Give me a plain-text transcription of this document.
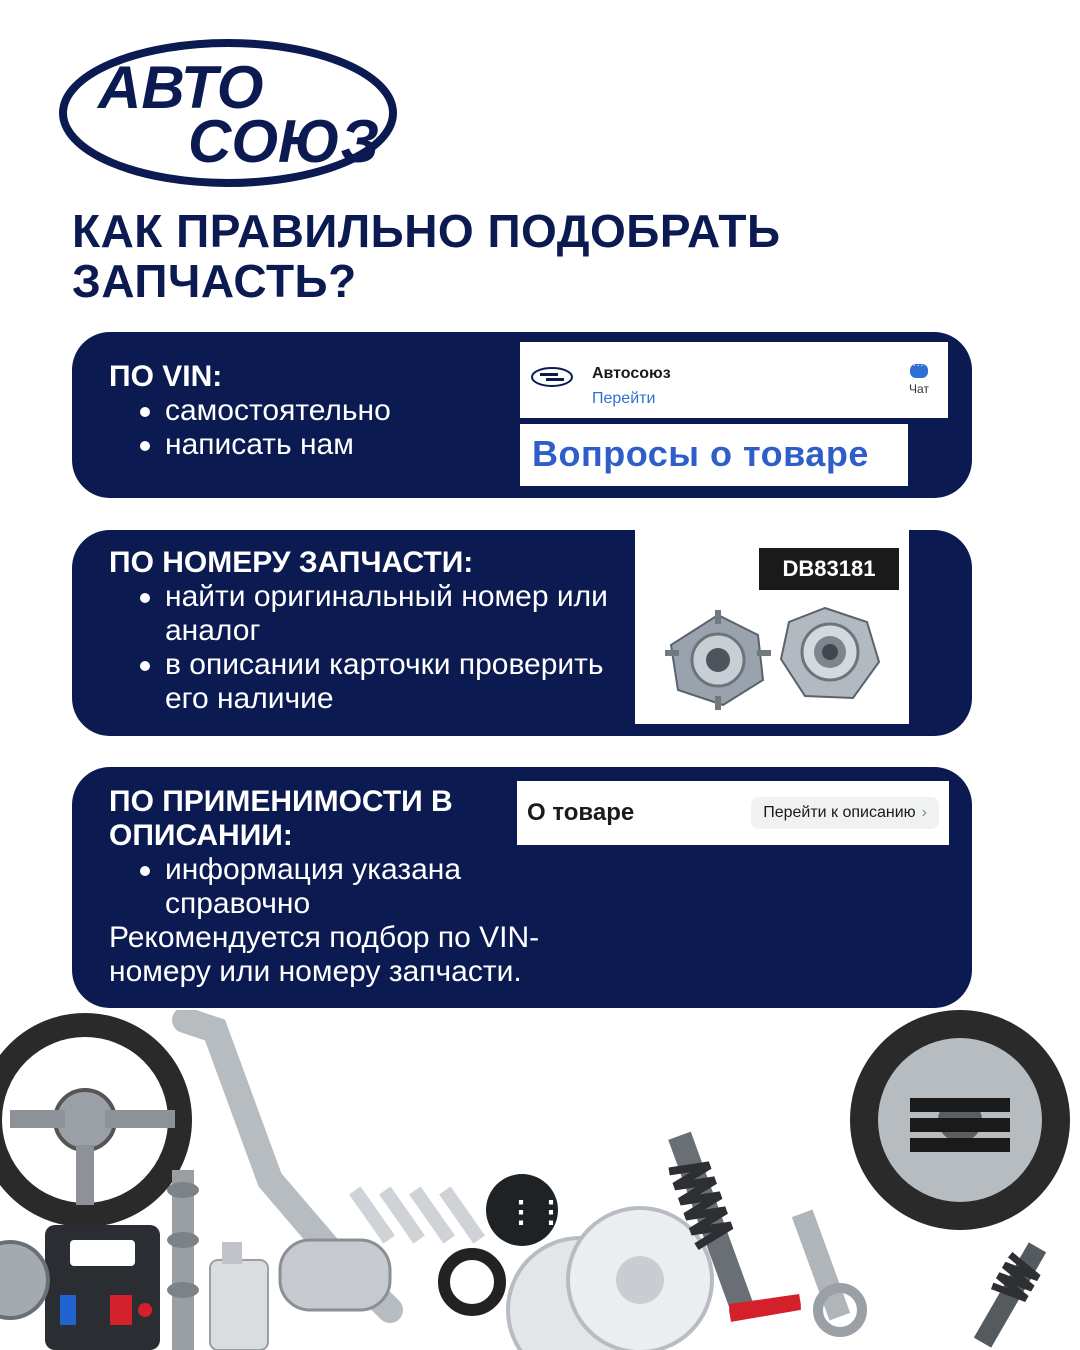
АВТО
СОЮЗ
КАК ПРАВИЛЬНО ПОДОБРАТЬ ЗАПЧАСТЬ?

ПО VIN:

самостоятельно
написать нам
Автосоюз
Перейти
...
Чат
Вопросы о товаре

ПО НОМЕРУ ЗАПЧАСТИ:

найти оригинальный номер или аналог
в описании карточки проверить его наличие
DB83181

ПО ПРИМЕНИМОСТИ В ОПИСАНИИ:

информация указана справочно

Рекомендуется подбор по VIN-номеру или номеру запчасти.

О товаре	Перейти к описанию ›
⋮⋮
